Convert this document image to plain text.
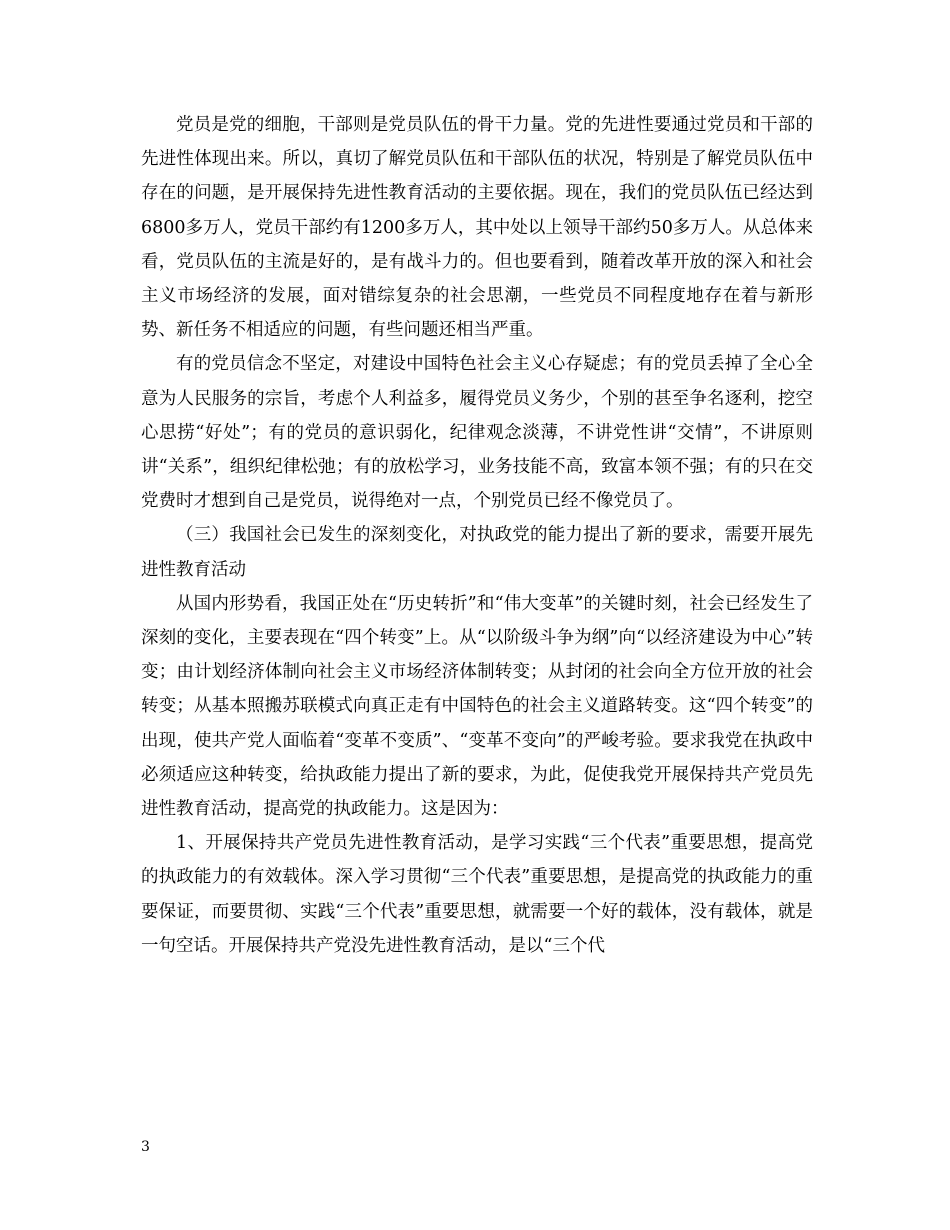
党员是党的细胞，干部则是党员队伍的骨干力量。党的先进性要通过党员和干部的先进性体现出来。所以，真切了解党员队伍和干部队伍的状况，特别是了解党员队伍中存在的问题，是开展保持先进性教育活动的主要依据。现在，我们的党员队伍已经达到6800多万人，党员干部约有1200多万人，其中处以上领导干部约50多万人。从总体来看，党员队伍的主流是好的，是有战斗力的。但也要看到，随着改革开放的深入和社会主义市场经济的发展，面对错综复杂的社会思潮，一些党员不同程度地存在着与新形势、新任务不相适应的问题，有些问题还相当严重。

有的党员信念不坚定，对建设中国特色社会主义心存疑虑；有的党员丢掉了全心全意为人民服务的宗旨，考虑个人利益多，履得党员义务少，个别的甚至争名逐利，挖空心思捞“好处”；有的党员的意识弱化，纪律观念淡薄，不讲党性讲“交情”，不讲原则讲“关系”，组织纪律松弛；有的放松学习，业务技能不高，致富本领不强；有的只在交党费时才想到自己是党员，说得绝对一点，个别党员已经不像党员了。

（三）我国社会已发生的深刻变化，对执政党的能力提出了新的要求，需要开展先进性教育活动

从国内形势看，我国正处在“历史转折”和“伟大变革”的关键时刻，社会已经发生了深刻的变化，主要表现在“四个转变”上。从“以阶级斗争为纲”向“以经济建设为中心”转变；由计划经济体制向社会主义市场经济体制转变；从封闭的社会向全方位开放的社会转变；从基本照搬苏联模式向真正走有中国特色的社会主义道路转变。这“四个转变”的出现，使共产党人面临着“变革不变质”、“变革不变向”的严峻考验。要求我党在执政中必须适应这种转变，给执政能力提出了新的要求，为此，促使我党开展保持共产党员先进性教育活动，提高党的执政能力。这是因为：

1、开展保持共产党员先进性教育活动，是学习实践“三个代表”重要思想，提高党的执政能力的有效载体。深入学习贯彻“三个代表”重要思想，是提高党的执政能力的重要保证，而要贯彻、实践“三个代表”重要思想，就需要一个好的载体，没有载体，就是一句空话。开展保持共产党没先进性教育活动，是以“三个代

3
